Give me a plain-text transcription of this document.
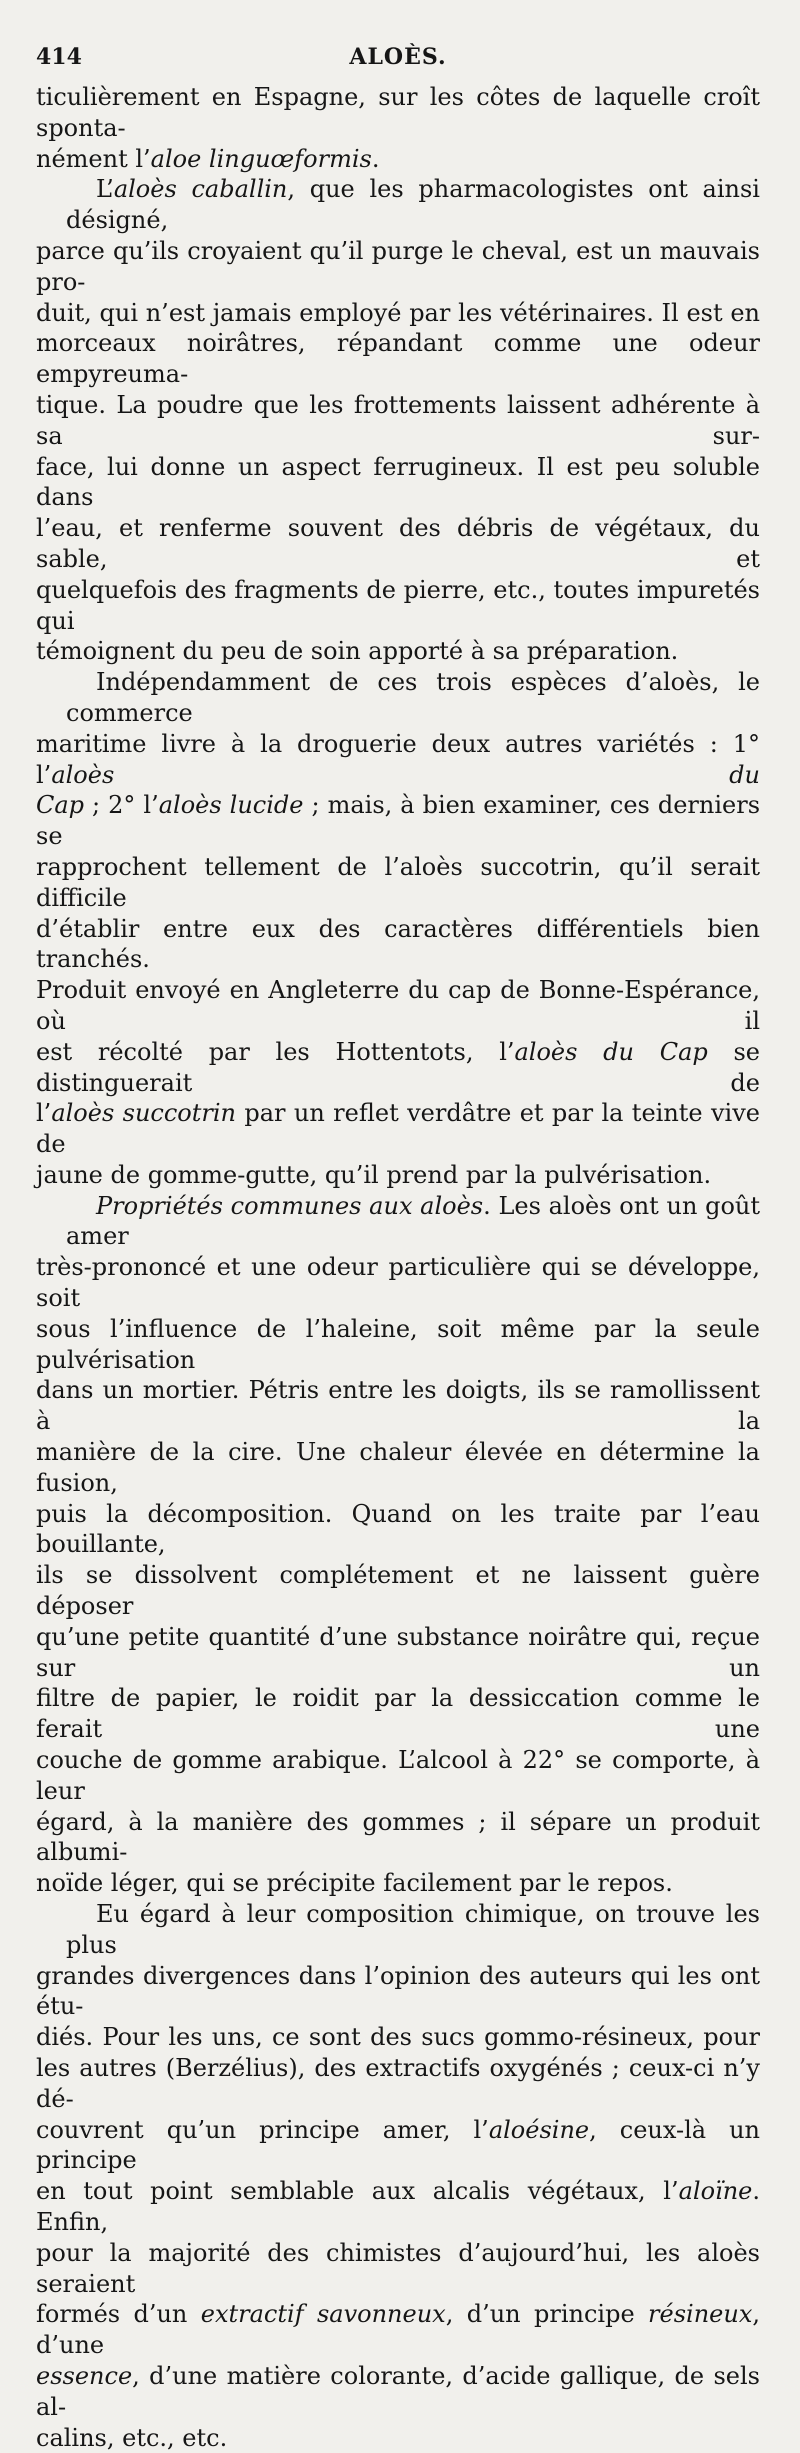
414	ALOÈS.
ticulièrement en Espagne, sur les côtes de laquelle croît sponta-
nément l’aloe linguœformis.
L’aloès caballin, que les pharmacologistes ont ainsi désigné,
parce qu’ils croyaient qu’il purge le cheval, est un mauvais pro-
duit, qui n’est jamais employé par les vétérinaires. Il est en
morceaux noirâtres, répandant comme une odeur empyreuma-
tique. La poudre que les frottements laissent adhérente à sa sur-
face, lui donne un aspect ferrugineux. Il est peu soluble dans
l’eau, et renferme souvent des débris de végétaux, du sable, et
quelquefois des fragments de pierre, etc., toutes impuretés qui
témoignent du peu de soin apporté à sa préparation.
Indépendamment de ces trois espèces d’aloès, le commerce
maritime livre à la droguerie deux autres variétés : 1° l’aloès du
Cap ; 2° l’aloès lucide ; mais, à bien examiner, ces derniers se
rapprochent tellement de l’aloès succotrin, qu’il serait difficile
d’établir entre eux des caractères différentiels bien tranchés.
Produit envoyé en Angleterre du cap de Bonne-Espérance, où il
est récolté par les Hottentots, l’aloès du Cap se distinguerait de
l’aloès succotrin par un reflet verdâtre et par la teinte vive de
jaune de gomme-gutte, qu’il prend par la pulvérisation.
Propriétés communes aux aloès. Les aloès ont un goût amer
très-prononcé et une odeur particulière qui se développe, soit
sous l’influence de l’haleine, soit même par la seule pulvérisation
dans un mortier. Pétris entre les doigts, ils se ramollissent à la
manière de la cire. Une chaleur élevée en détermine la fusion,
puis la décomposition. Quand on les traite par l’eau bouillante,
ils se dissolvent complétement et ne laissent guère déposer
qu’une petite quantité d’une substance noirâtre qui, reçue sur un
filtre de papier, le roidit par la dessiccation comme le ferait une
couche de gomme arabique. L’alcool à 22° se comporte, à leur
égard, à la manière des gommes ; il sépare un produit albumi-
noïde léger, qui se précipite facilement par le repos.
Eu égard à leur composition chimique, on trouve les plus
grandes divergences dans l’opinion des auteurs qui les ont étu-
diés. Pour les uns, ce sont des sucs gommo-résineux, pour
les autres (Berzélius), des extractifs oxygénés ; ceux-ci n’y dé-
couvrent qu’un principe amer, l’aloésine, ceux-là un principe
en tout point semblable aux alcalis végétaux, l’aloïne. Enfin,
pour la majorité des chimistes d’aujourd’hui, les aloès seraient
formés d’un extractif savonneux, d’un principe résineux, d’une
essence, d’une matière colorante, d’acide gallique, de sels al-
calins, etc., etc.
